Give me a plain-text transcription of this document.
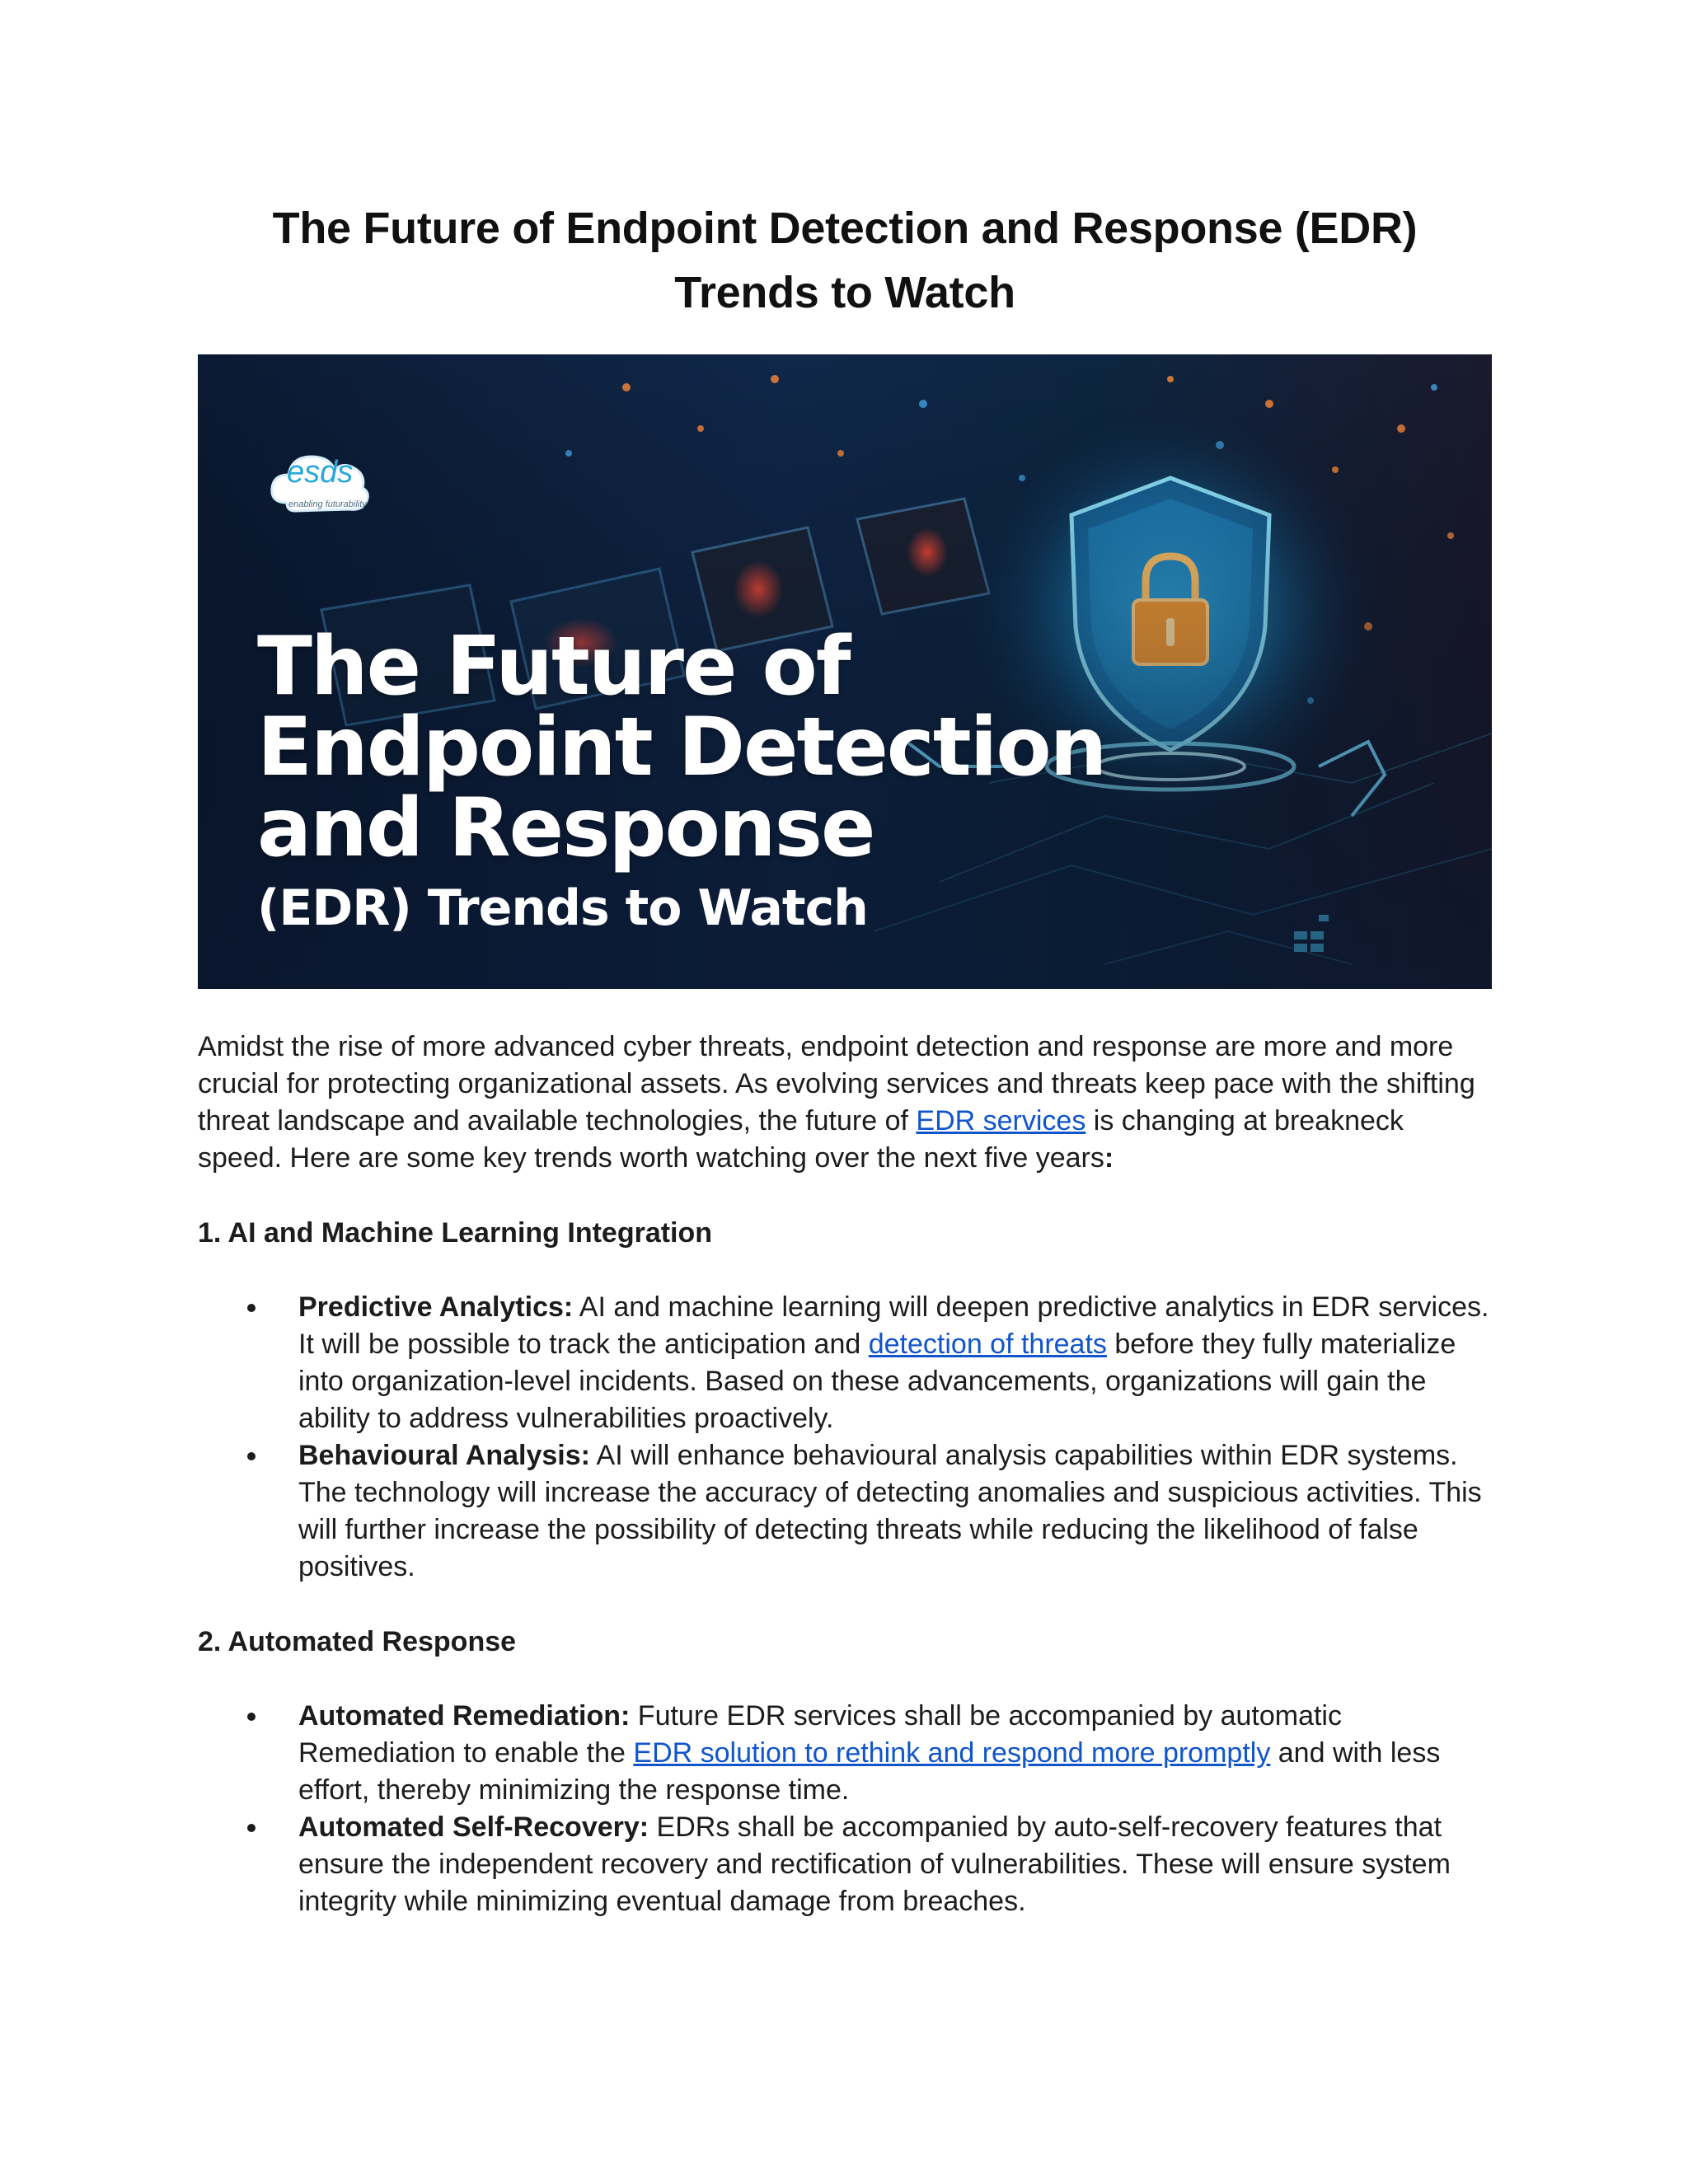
The Future of Endpoint Detection and Response (EDR) Trends to Watch
esds
enabling futurability
The Future of
Endpoint Detection
and Response
(EDR) Trends to Watch

Amidst the rise of more advanced cyber threats, endpoint detection and response are more and more crucial for protecting organizational assets. As evolving services and threats keep pace with the shifting threat landscape and available technologies, the future of EDR services is changing at breakneck speed. Here are some key trends worth watching over the next five years:

1. AI and Machine Learning Integration
Predictive Analytics: AI and machine learning will deepen predictive analytics in EDR services. It will be possible to track the anticipation and detection of threats before they fully materialize into organization-level incidents. Based on these advancements, organizations will gain the ability to address vulnerabilities proactively.
Behavioural Analysis: AI will enhance behavioural analysis capabilities within EDR systems. The technology will increase the accuracy of detecting anomalies and suspicious activities. This will further increase the possibility of detecting threats while reducing the likelihood of false positives.
2. Automated Response
Automated Remediation: Future EDR services shall be accompanied by automatic Remediation to enable the EDR solution to rethink and respond more promptly and with less effort, thereby minimizing the response time.
Automated Self-Recovery: EDRs shall be accompanied by auto-self-recovery features that ensure the independent recovery and rectification of vulnerabilities. These will ensure system integrity while minimizing eventual damage from breaches.
